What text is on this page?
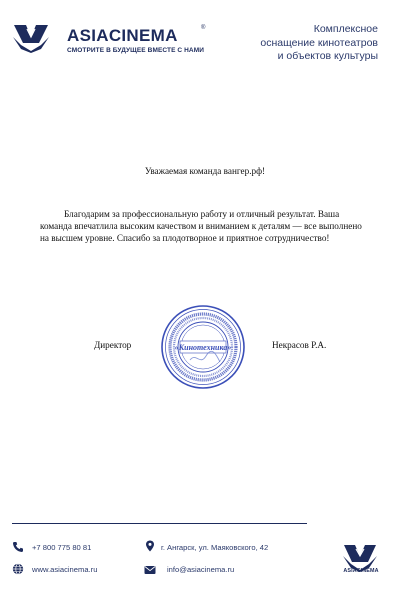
ASIACINEMA	®
СМОТРИТЕ В БУДУЩЕЕ ВМЕСТЕ С НАМИ
Комплексное
оснащение кинотеатров
и объектов культуры
Уважаемая команда вангер.рф!
Благодарим за профессиональную работу и отличный результат. Ваша команда впечатлила высоким качеством и вниманием к деталям — все выполнено на высшем уровне. Спасибо за плодотворное и приятное сотрудничество!
Директор	«Кинотехника»	Некрасов Р.А.
+7 800 775 80 81	г. Ангарск, ул. Маяковского, 42
www.asiacinema.ru	info@asiacinema.ru	ASIACINEMA
